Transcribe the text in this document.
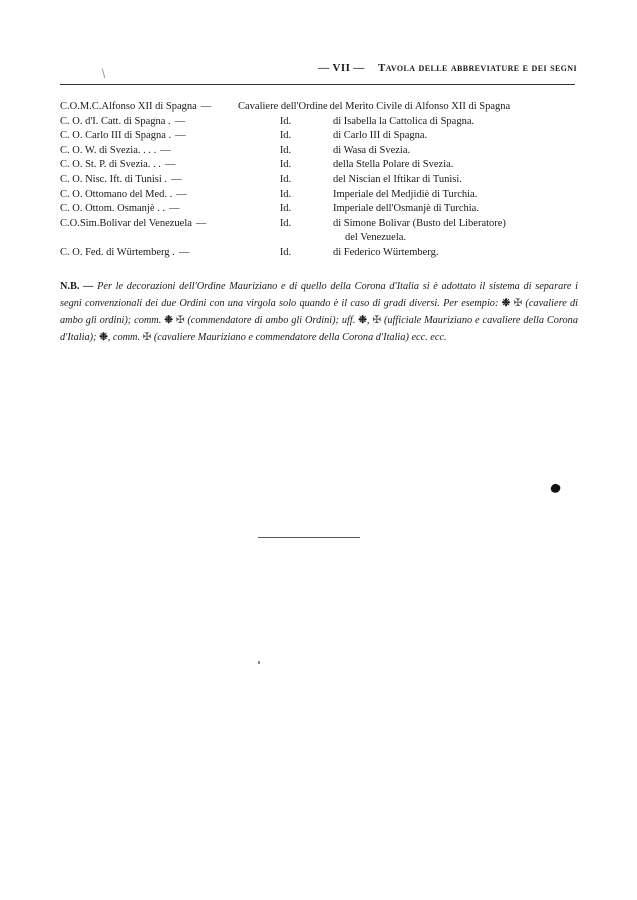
— VII — Tavola delle abbreviature e dei segni
C.O.M.C.Alfonso XII di Spagna —	Cavaliere dell'Ordine del Merito Civile di Alfonso XII di Spagna
C. O. d'I. Catt. di Spagna . —	Id.	di Isabella la Cattolica di Spagna.
C. O. Carlo III di Spagna . —	Id.	di Carlo III di Spagna.
C. O. W. di Svezia. . . . —	Id.	di Wasa di Svezia.
C. O. St. P. di Svezia. . . —	Id.	della Stella Polare di Svezia.
C. O. Nisc. Ift. di Tunisi . —	Id.	del Niscian el Iftikar di Tunisi.
C. O. Ottomano del Med. . —	Id.	Imperiale del Medjidiè di Turchia.
C. O. Ottom. Osmanjè . . —	Id.	Imperiale dell'Osmanjè di Turchia.
C.O.Sim.Bolivar del Venezuela —	Id.	di Simone Bolivar (Busto del Liberatore)
del Venezuela.
C. O. Fed. di Würtemberg . —	Id.	di Federico Würtemberg.
N.B. — Per le decorazioni dell'Ordine Mauriziano e di quello della Corona d'Italia si è adottato il sistema di separare i segni convenzionali dei due Ordini con una virgola solo quando è il caso di gradi diversi. Per esempio: ❉ ✠ (cavaliere di ambo gli ordini); comm. ❉ ✠ (commendatore di ambo gli Ordini); uff. ❉, ✠ (ufficiale Mauriziano e cavaliere della Corona d'Italia); ❉, comm. ✠ (cavaliere Mauriziano e commendatore della Corona d'Italia) ecc. ecc.
